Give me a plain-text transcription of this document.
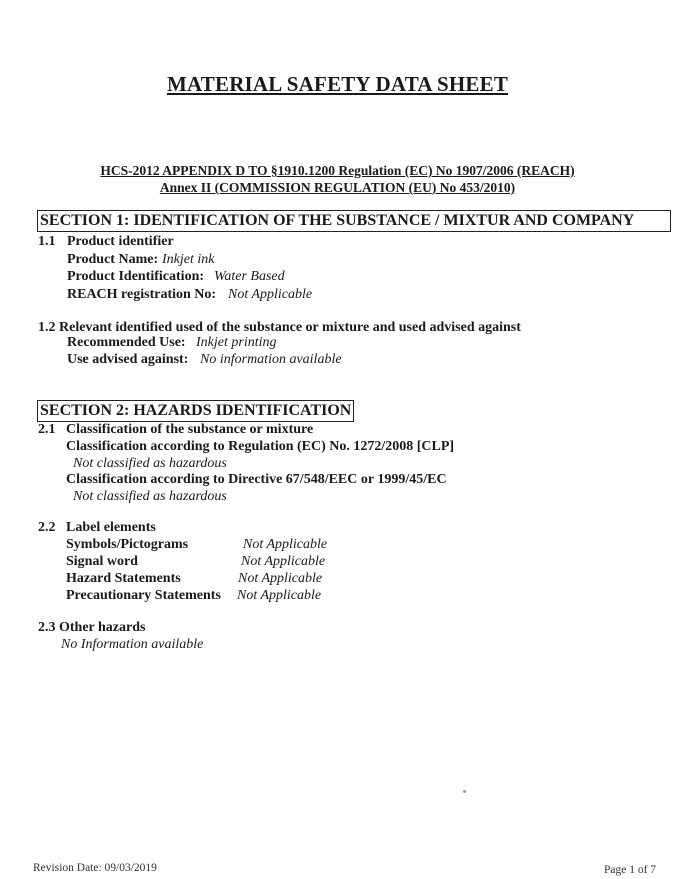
MATERIAL SAFETY DATA SHEET
HCS-2012 APPENDIX D TO §1910.1200 Regulation (EC) No 1907/2006 (REACH)
Annex II (COMMISSION REGULATION (EU) No 453/2010)
SECTION 1: IDENTIFICATION OF THE SUBSTANCE / MIXTUR AND COMPANY
1.1 Product identifier
Product Name: Inkjet ink
Product Identification: Water Based
REACH registration No: Not Applicable
1.2 Relevant identified used of the substance or mixture and used advised against
Recommended Use: Inkjet printing
Use advised against: No information available
SECTION 2: HAZARDS IDENTIFICATION
2.1 Classification of the substance or mixture
Classification according to Regulation (EC) No. 1272/2008 [CLP]
Not classified as hazardous
Classification according to Directive 67/548/EEC or 1999/45/EC
Not classified as hazardous
2.2 Label elements
Symbols/Pictograms	Not Applicable
Signal word	Not Applicable
Hazard Statements	Not Applicable
Precautionary Statements Not Applicable
2.3 Other hazards
No Information available
Revision Date: 09/03/2019	Page 1 of 7
